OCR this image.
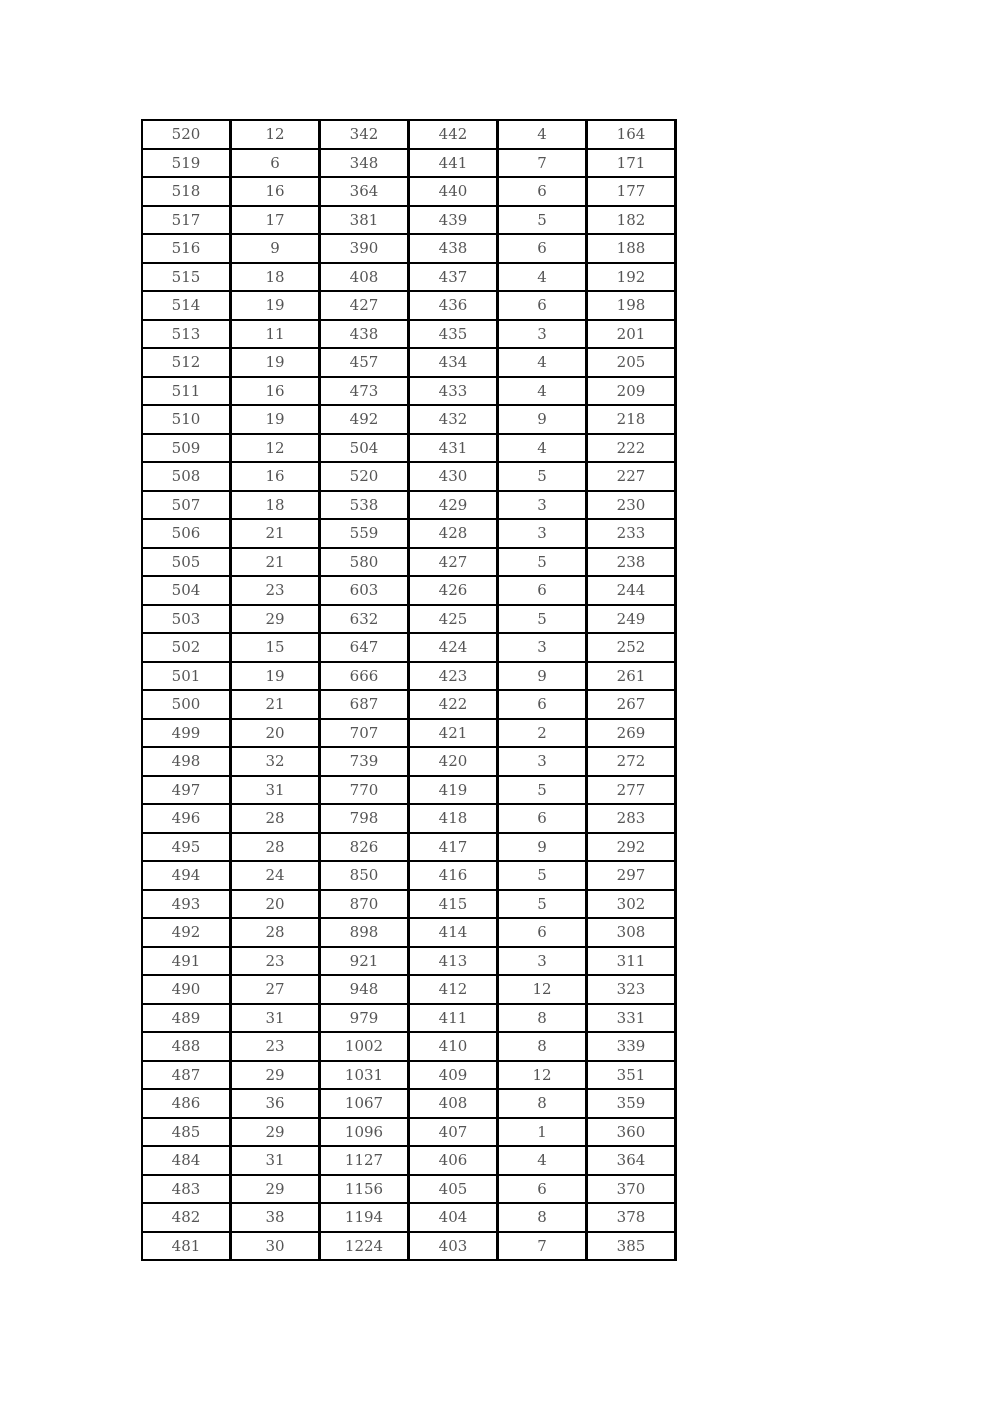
520	12	342	442	4	164
519	6	348	441	7	171
518	16	364	440	6	177
517	17	381	439	5	182
516	9	390	438	6	188
515	18	408	437	4	192
514	19	427	436	6	198
513	11	438	435	3	201
512	19	457	434	4	205
511	16	473	433	4	209
510	19	492	432	9	218
509	12	504	431	4	222
508	16	520	430	5	227
507	18	538	429	3	230
506	21	559	428	3	233
505	21	580	427	5	238
504	23	603	426	6	244
503	29	632	425	5	249
502	15	647	424	3	252
501	19	666	423	9	261
500	21	687	422	6	267
499	20	707	421	2	269
498	32	739	420	3	272
497	31	770	419	5	277
496	28	798	418	6	283
495	28	826	417	9	292
494	24	850	416	5	297
493	20	870	415	5	302
492	28	898	414	6	308
491	23	921	413	3	311
490	27	948	412	12	323
489	31	979	411	8	331
488	23	1002	410	8	339
487	29	1031	409	12	351
486	36	1067	408	8	359
485	29	1096	407	1	360
484	31	1127	406	4	364
483	29	1156	405	6	370
482	38	1194	404	8	378
481	30	1224	403	7	385
